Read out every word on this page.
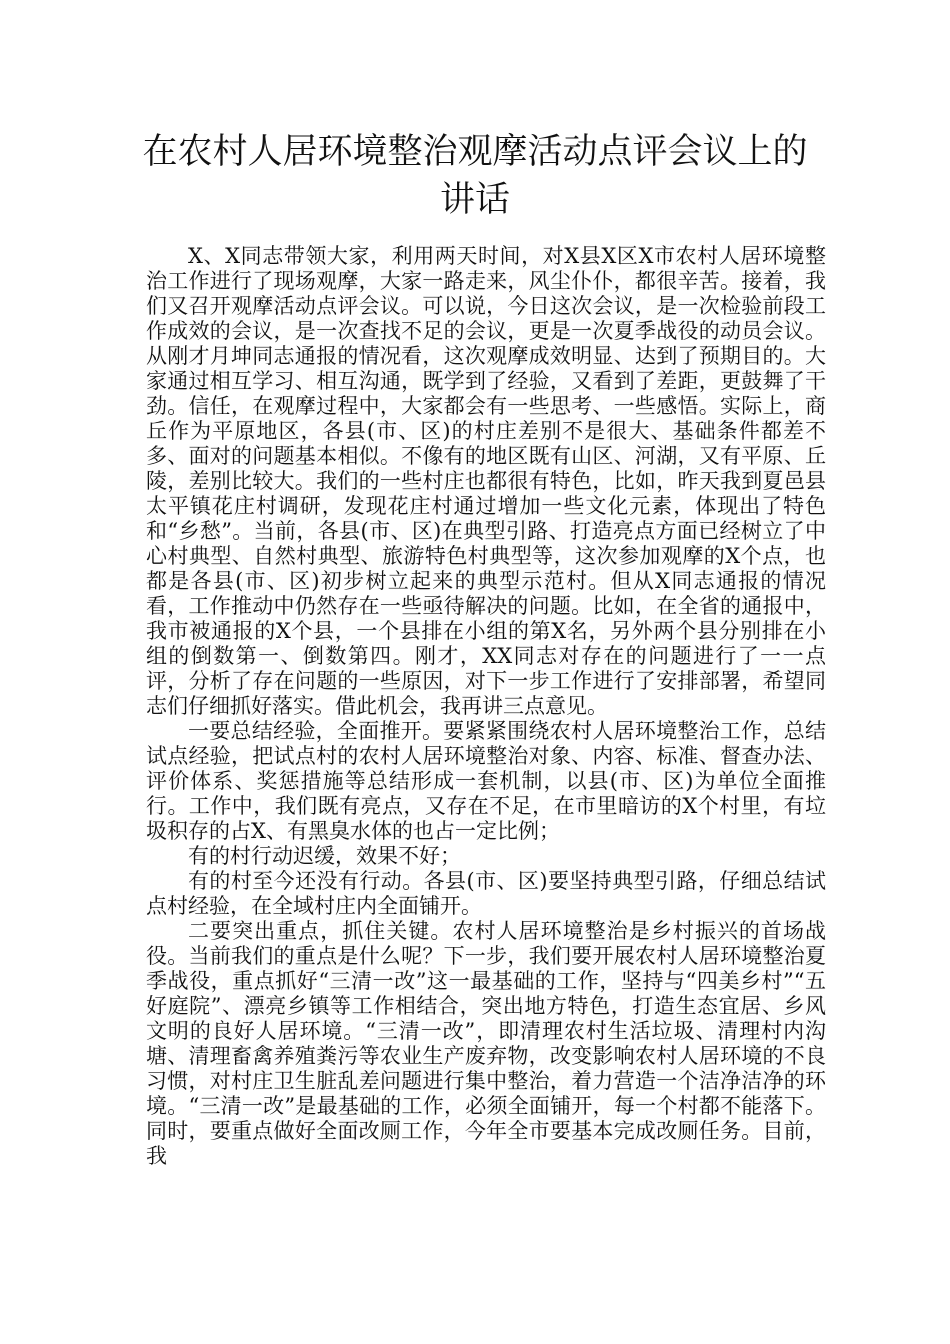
在农村人居环境整治观摩活动点评会议上的讲话

X、X同志带领大家，利用两天时间，对X县X区X市农村人居环境整治工作进行了现场观摩，大家一路走来，风尘仆仆，都很辛苦。接着，我们又召开观摩活动点评会议。可以说，今日这次会议，是一次检验前段工作成效的会议，是一次查找不足的会议，更是一次夏季战役的动员会议。从刚才月坤同志通报的情况看，这次观摩成效明显、达到了预期目的。大家通过相互学习、相互沟通，既学到了经验，又看到了差距，更鼓舞了干劲。信任，在观摩过程中，大家都会有一些思考、一些感悟。实际上，商丘作为平原地区，各县(市、区)的村庄差别不是很大、基础条件都差不多、面对的问题基本相似。不像有的地区既有山区、河湖，又有平原、丘陵，差别比较大。我们的一些村庄也都很有特色，比如，昨天我到夏邑县太平镇花庄村调研，发现花庄村通过增加一些文化元素，体现出了特色和“乡愁”。当前，各县(市、区)在典型引路、打造亮点方面已经树立了中心村典型、自然村典型、旅游特色村典型等，这次参加观摩的X个点，也都是各县(市、区)初步树立起来的典型示范村。但从X同志通报的情况看，工作推动中仍然存在一些亟待解决的问题。比如，在全省的通报中，我市被通报的X个县，一个县排在小组的第X名，另外两个县分别排在小组的倒数第一、倒数第四。刚才，XX同志对存在的问题进行了一一点评，分析了存在问题的一些原因，对下一步工作进行了安排部署，希望同志们仔细抓好落实。借此机会，我再讲三点意见。

一要总结经验，全面推开。要紧紧围绕农村人居环境整治工作，总结试点经验，把试点村的农村人居环境整治对象、内容、标准、督查办法、评价体系、奖惩措施等总结形成一套机制，以县(市、区)为单位全面推行。工作中，我们既有亮点，又存在不足，在市里暗访的X个村里，有垃圾积存的占X、有黑臭水体的也占一定比例；

有的村行动迟缓，效果不好；

有的村至今还没有行动。各县(市、区)要坚持典型引路，仔细总结试点村经验，在全域村庄内全面铺开。

二要突出重点，抓住关键。农村人居环境整治是乡村振兴的首场战役。当前我们的重点是什么呢？下一步，我们要开展农村人居环境整治夏季战役，重点抓好“三清一改”这一最基础的工作，坚持与“四美乡村”“五好庭院”、漂亮乡镇等工作相结合，突出地方特色，打造生态宜居、乡风文明的良好人居环境。“三清一改”，即清理农村生活垃圾、清理村内沟塘、清理畜禽养殖粪污等农业生产废弃物，改变影响农村人居环境的不良习惯，对村庄卫生脏乱差问题进行集中整治，着力营造一个洁净洁净的环境。“三清一改”是最基础的工作，必须全面铺开，每一个村都不能落下。同时，要重点做好全面改厕工作，今年全市要基本完成改厕任务。目前，我
